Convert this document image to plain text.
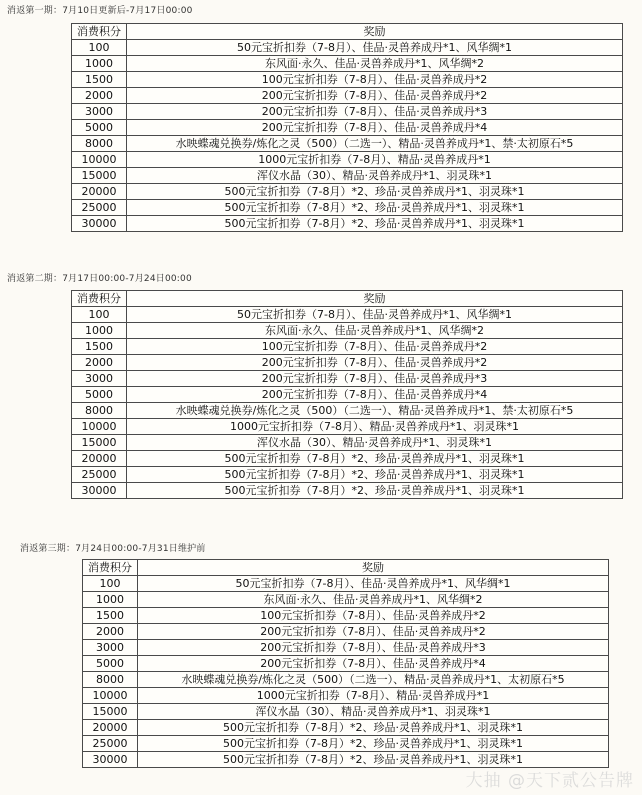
消返第一期：7月10日更新后-7月17日00:00
消费积分	奖励
100	50元宝折扣券（7-8月）、佳品·灵兽养成丹*1、风华绸*1
1000	东风面·永久、佳品·灵兽养成丹*1、风华绸*2
1500	100元宝折扣券（7-8月）、佳品·灵兽养成丹*2
2000	200元宝折扣券（7-8月）、佳品·灵兽养成丹*2
3000	200元宝折扣券（7-8月）、佳品·灵兽养成丹*3
5000	200元宝折扣券（7-8月）、佳品·灵兽养成丹*4
8000	水映蝶魂兑换券/炼化之灵（500）（二选一）、精品·灵兽养成丹*1、禁·太初原石*5
10000	1000元宝折扣券（7-8月）、精品·灵兽养成丹*1
15000	浑仪水晶（30）、精品·灵兽养成丹*1、羽灵珠*1
20000	500元宝折扣券（7-8月）*2、珍品·灵兽养成丹*1、羽灵珠*1
25000	500元宝折扣券（7-8月）*2、珍品·灵兽养成丹*1、羽灵珠*1
30000	500元宝折扣券（7-8月）*2、珍品·灵兽养成丹*1、羽灵珠*1
消返第二期：7月17日00:00-7月24日00:00
消费积分	奖励
100	50元宝折扣券（7-8月）、佳品·灵兽养成丹*1、风华绸*1
1000	东风面·永久、佳品·灵兽养成丹*1、风华绸*2
1500	100元宝折扣券（7-8月）、佳品·灵兽养成丹*2
2000	200元宝折扣券（7-8月）、佳品·灵兽养成丹*2
3000	200元宝折扣券（7-8月）、佳品·灵兽养成丹*3
5000	200元宝折扣券（7-8月）、佳品·灵兽养成丹*4
8000	水映蝶魂兑换券/炼化之灵（500）（二选一）、精品·灵兽养成丹*1、禁·太初原石*5
10000	1000元宝折扣券（7-8月）、精品·灵兽养成丹*1、羽灵珠*1
15000	浑仪水晶（30）、精品·灵兽养成丹*1、羽灵珠*1
20000	500元宝折扣券（7-8月）*2、珍品·灵兽养成丹*1、羽灵珠*1
25000	500元宝折扣券（7-8月）*2、珍品·灵兽养成丹*1、羽灵珠*1
30000	500元宝折扣券（7-8月）*2、珍品·灵兽养成丹*1、羽灵珠*1
消返第三期：7月24日00:00-7月31日维护前
消费积分	奖励
100	50元宝折扣券（7-8月）、佳品·灵兽养成丹*1、风华绸*1
1000	东风面·永久、佳品·灵兽养成丹*1、风华绸*2
1500	100元宝折扣券（7-8月）、佳品·灵兽养成丹*2
2000	200元宝折扣券（7-8月）、佳品·灵兽养成丹*2
3000	200元宝折扣券（7-8月）、佳品·灵兽养成丹*3
5000	200元宝折扣券（7-8月）、佳品·灵兽养成丹*4
8000	水映蝶魂兑换券/炼化之灵（500）（二选一）、精品·灵兽养成丹*1、太初原石*5
10000	1000元宝折扣券（7-8月）、精品·灵兽养成丹*1
15000	浑仪水晶（30）、精品·灵兽养成丹*1、羽灵珠*1
20000	500元宝折扣券（7-8月）*2、珍品·灵兽养成丹*1、羽灵珠*1
25000	500元宝折扣券（7-8月）*2、珍品·灵兽养成丹*1、羽灵珠*1
30000	500元宝折扣券（7-8月）*2、珍品·灵兽养成丹*1、羽灵珠*1
大抽 @天下贰公告牌
